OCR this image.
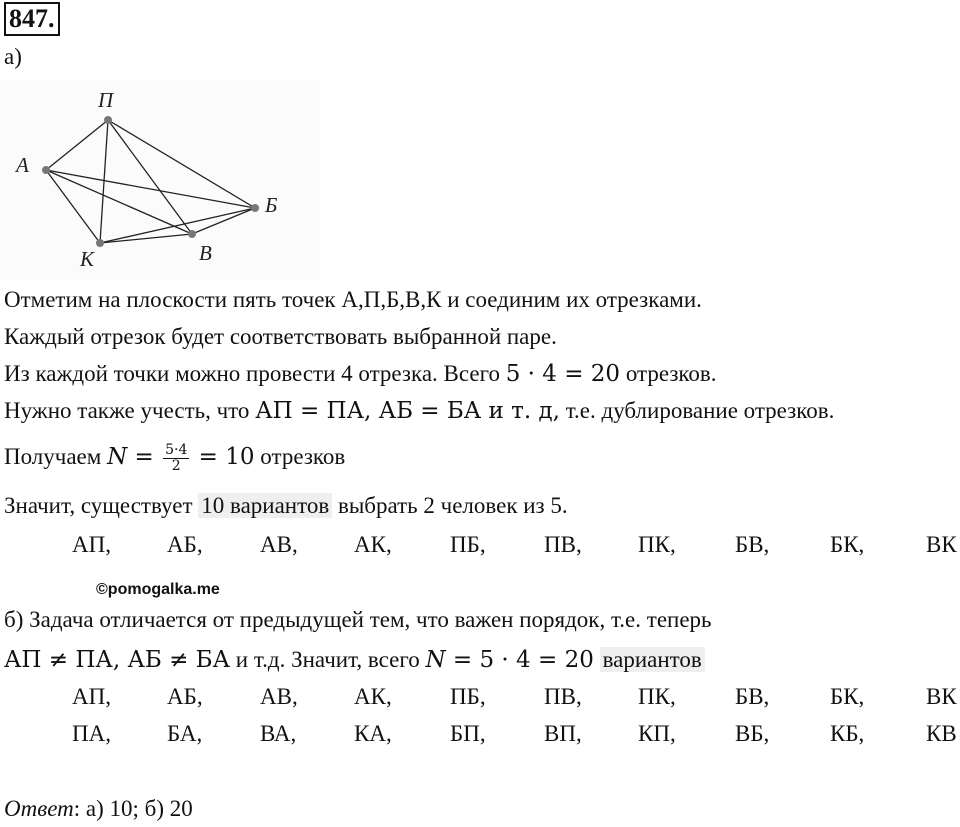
847.
а)
А
П
Б
В
К
Отметим на плоскости пять точек А,П,Б,В,К и соединим их отрезками.
Каждый отрезок будет соответствовать выбранной паре.
Из каждой точки можно провести 4 отрезка. Всего 5 · 4 = 20 отрезков.
Нужно также учесть, что АП = ПА, АБ = БА и т. д, т.е. дублирование отрезков.
Получаем $N = \frac{5\cdot 4}{2} = 10$ отрезков
Значит, существует 10 вариантов выбрать 2 человек из 5.
АП, АБ, АВ, АК,	ПБ,	ПВ, ПК,	БВ,	БК,	ВК
©pomogalka.me
б) Задача отличается от предыдущей тем, что важен порядок, т.е. теперь
АП ≠ ПА, АБ ≠ БА и т.д. Значит, всего N = 5 · 4 = 20 вариантов
АП, АБ, АВ, АК,	ПБ,	ПВ, ПК,	БВ,	БК,	ВК
ПА, БА,	ВА,	КА,	БП,	ВП, КП,	ВБ,	КБ,	КВ
Ответ: а) 10; б) 20
